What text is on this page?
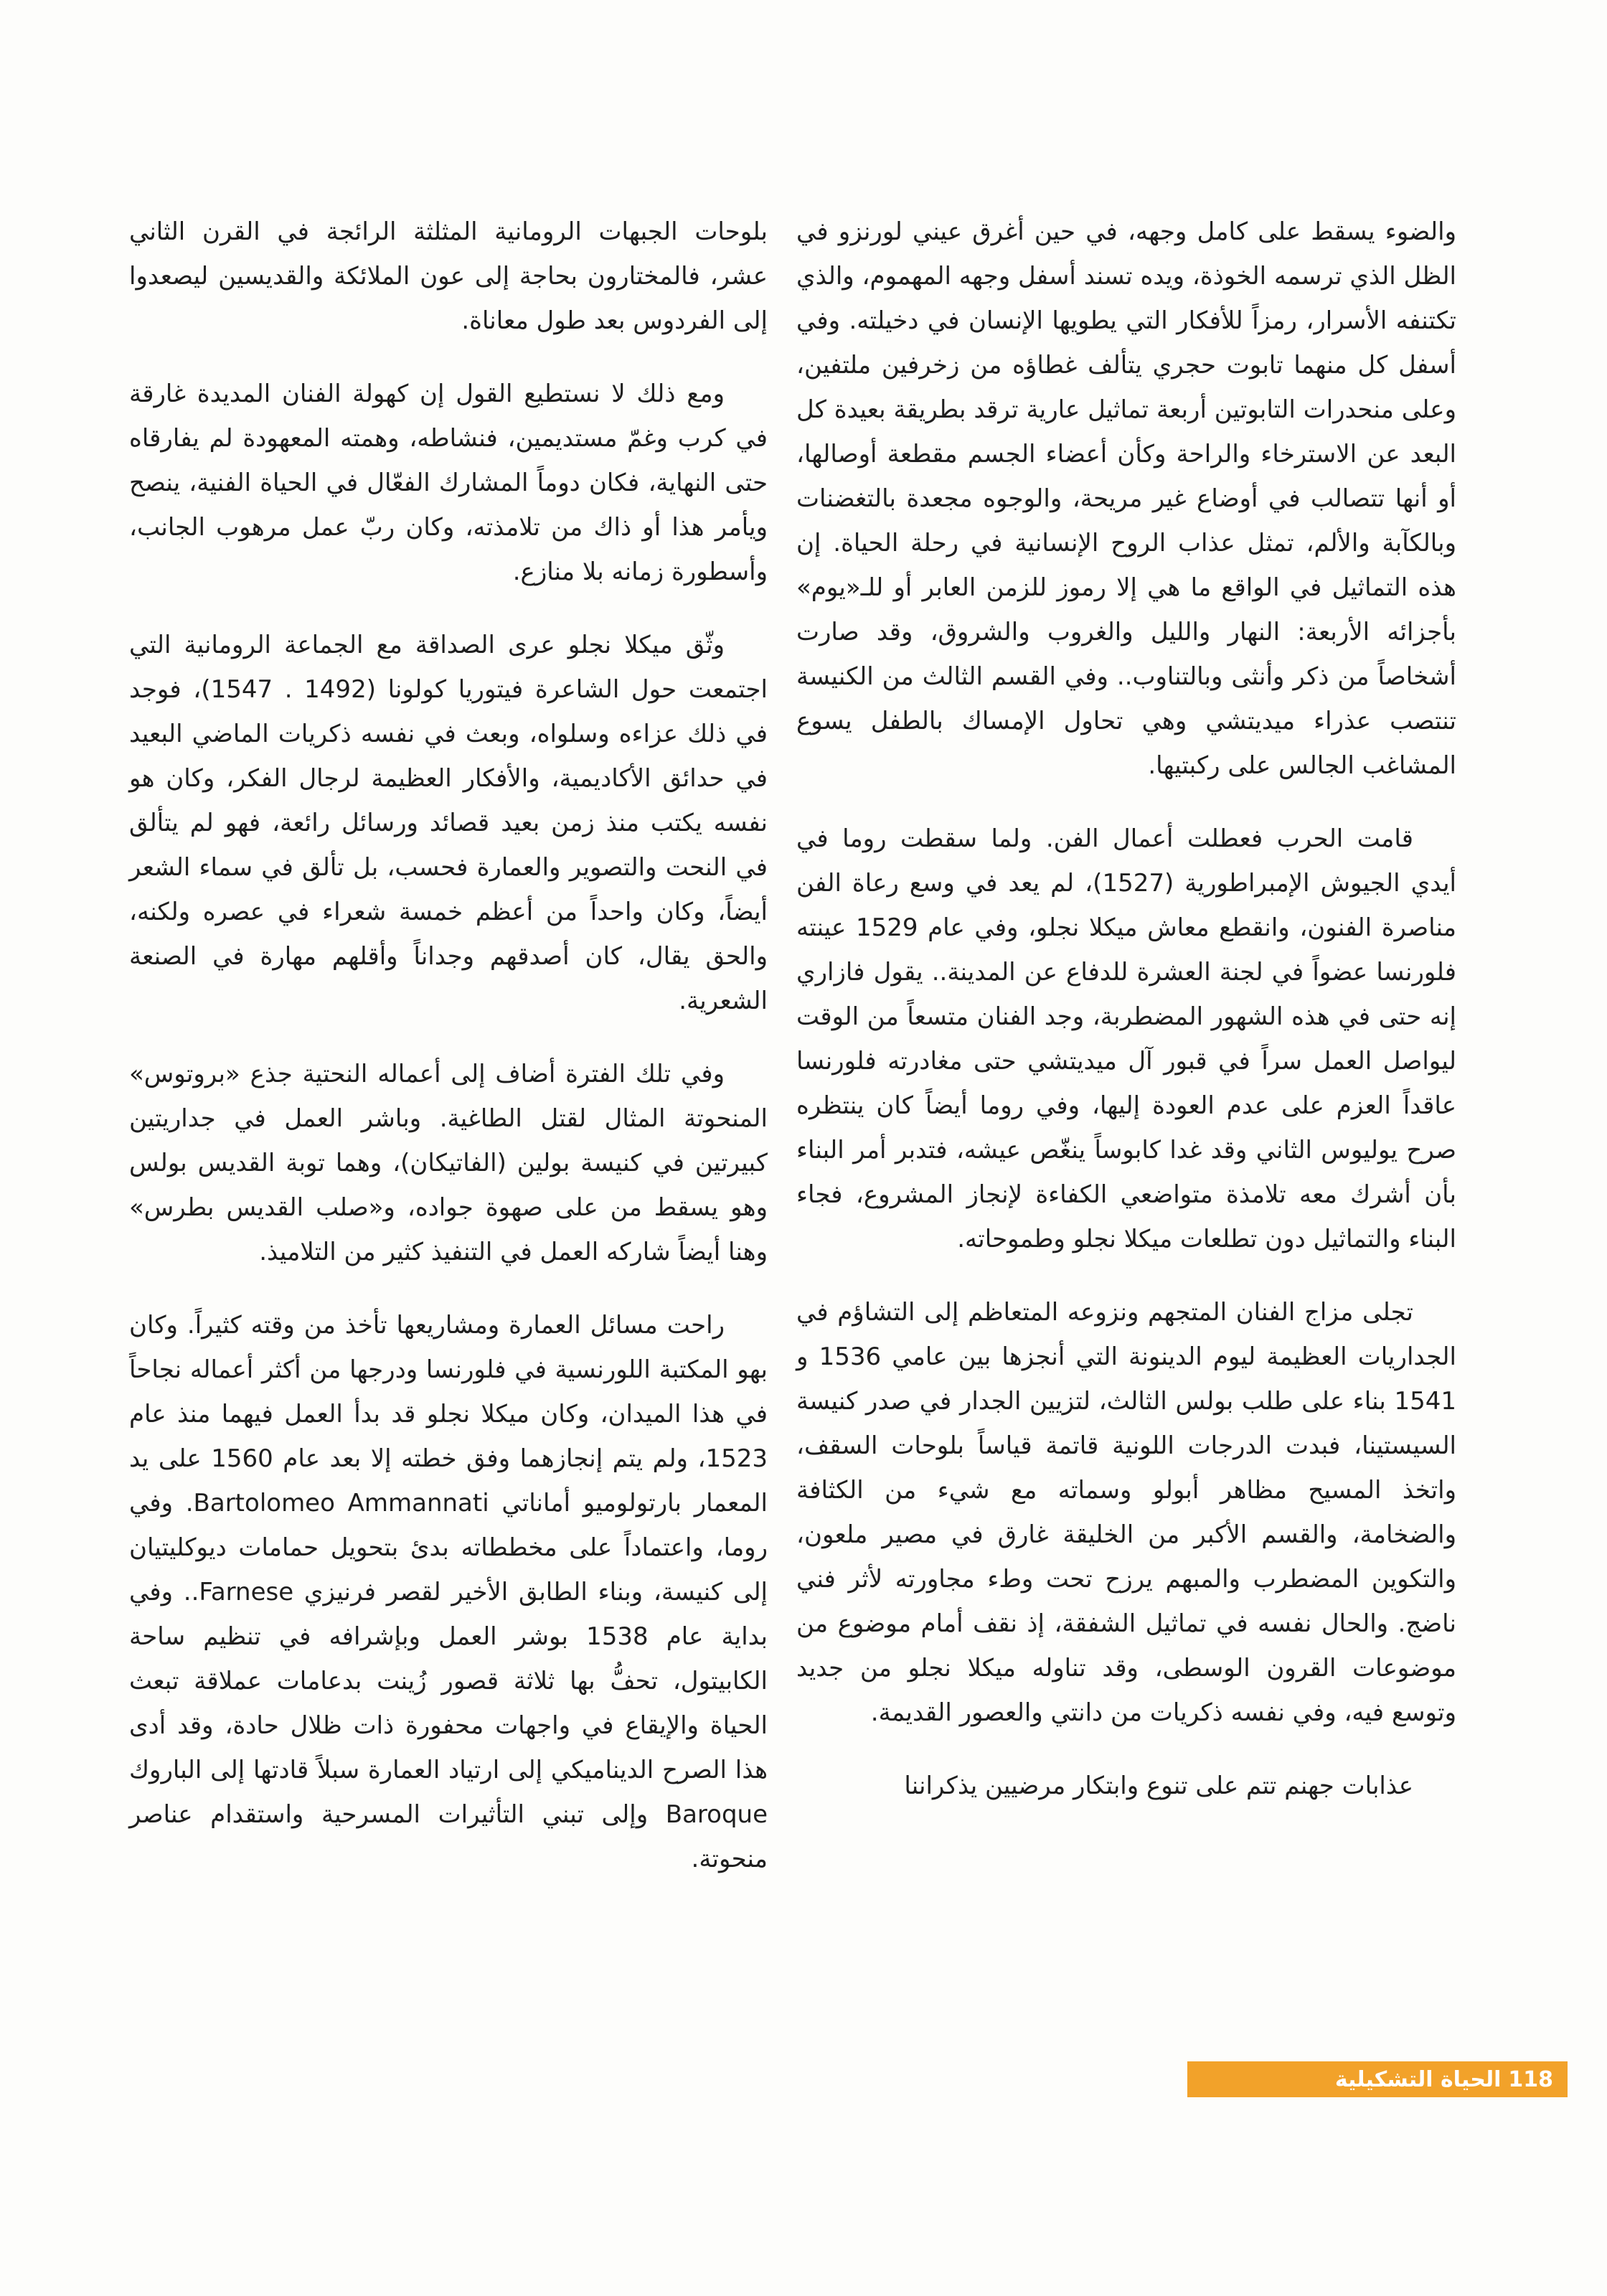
والضوء يسقط على كامل وجهه، في حين أغرق عيني لورنزو في الظل الذي ترسمه الخوذة، ويده تسند أسفل وجهه المهموم، والذي تكتنفه الأسرار، رمزاً للأفكار التي يطويها الإنسان في دخيلته. وفي أسفل كل منهما تابوت حجري يتألف غطاؤه من زخرفين ملتفين، وعلى منحدرات التابوتين أربعة تماثيل عارية ترقد بطريقة بعيدة كل البعد عن الاسترخاء والراحة وكأن أعضاء الجسم مقطعة أوصالها، أو أنها تتصالب في أوضاع غير مريحة، والوجوه مجعدة بالتغضنات وبالكآبة والألم، تمثل عذاب الروح الإنسانية في رحلة الحياة. إن هذه التماثيل في الواقع ما هي إلا رموز للزمن العابر أو للـ«يوم» بأجزائه الأربعة: النهار والليل والغروب والشروق، وقد صارت أشخاصاً من ذكر وأنثى وبالتناوب.. وفي القسم الثالث من الكنيسة تنتصب عذراء ميديتشي وهي تحاول الإمساك بالطفل يسوع المشاغب الجالس على ركبتيها.

قامت الحرب فعطلت أعمال الفن. ولما سقطت روما في أيدي الجيوش الإمبراطورية (1527)، لم يعد في وسع رعاة الفن مناصرة الفنون، وانقطع معاش ميكلا نجلو، وفي عام 1529 عينته فلورنسا عضواً في لجنة العشرة للدفاع عن المدينة.. يقول فازاري إنه حتى في هذه الشهور المضطربة، وجد الفنان متسعاً من الوقت ليواصل العمل سراً في قبور آل ميديتشي حتى مغادرته فلورنسا عاقداً العزم على عدم العودة إليها، وفي روما أيضاً كان ينتظره صرح يوليوس الثاني وقد غدا كابوساً ينغّص عيشه، فتدبر أمر البناء بأن أشرك معه تلامذة متواضعي الكفاءة لإنجاز المشروع، فجاء البناء والتماثيل دون تطلعات ميكلا نجلو وطموحاته.

تجلى مزاج الفنان المتجهم ونزوعه المتعاظم إلى التشاؤم في الجداريات العظيمة ليوم الدينونة التي أنجزها بين عامي 1536 و 1541 بناء على طلب بولس الثالث، لتزيين الجدار في صدر كنيسة السيستينا، فبدت الدرجات اللونية قاتمة قياساً بلوحات السقف، واتخذ المسيح مظاهر أبولو وسماته مع شيء من الكثافة والضخامة، والقسم الأكبر من الخليقة غارق في مصير ملعون، والتكوين المضطرب والمبهم يرزح تحت وطء مجاورته لأثر فني ناضج. والحال نفسه في تماثيل الشفقة، إذ نقف أمام موضوع من موضوعات القرون الوسطى، وقد تناوله ميكلا نجلو من جديد وتوسع فيه، وفي نفسه ذكريات من دانتي والعصور القديمة.

عذابات جهنم تتم على تنوع وابتكار مرضيين يذكراننا

بلوحات الجبهات الرومانية المثلثة الرائجة في القرن الثاني عشر، فالمختارون بحاجة إلى عون الملائكة والقديسين ليصعدوا إلى الفردوس بعد طول معاناة.

ومع ذلك لا نستطيع القول إن كهولة الفنان المديدة غارقة في كرب وغمّ مستديمين، فنشاطه، وهمته المعهودة لم يفارقاه حتى النهاية، فكان دوماً المشارك الفعّال في الحياة الفنية، ينصح ويأمر هذا أو ذاك من تلامذته، وكان ربّ عمل مرهوب الجانب، وأسطورة زمانه بلا منازع.

وثّق ميكلا نجلو عرى الصداقة مع الجماعة الرومانية التي اجتمعت حول الشاعرة فيتوريا كولونا (1492 . 1547)، فوجد في ذلك عزاءه وسلواه، وبعث في نفسه ذكريات الماضي البعيد في حدائق الأكاديمية، والأفكار العظيمة لرجال الفكر، وكان هو نفسه يكتب منذ زمن بعيد قصائد ورسائل رائعة، فهو لم يتألق في النحت والتصوير والعمارة فحسب، بل تألق في سماء الشعر أيضاً، وكان واحداً من أعظم خمسة شعراء في عصره ولكنه، والحق يقال، كان أصدقهم وجداناً وأقلهم مهارة في الصنعة الشعرية.

وفي تلك الفترة أضاف إلى أعماله النحتية جذع «بروتوس» المنحوتة المثال لقتل الطاغية. وباشر العمل في جداريتين كبيرتين في كنيسة بولين (الفاتيكان)، وهما توبة القديس بولس وهو يسقط من على صهوة جواده، و«صلب القديس بطرس» وهنا أيضاً شاركه العمل في التنفيذ كثير من التلاميذ.

راحت مسائل العمارة ومشاريعها تأخذ من وقته كثيراً. وكان بهو المكتبة اللورنسية في فلورنسا ودرجها من أكثر أعماله نجاحاً في هذا الميدان، وكان ميكلا نجلو قد بدأ العمل فيهما منذ عام 1523، ولم يتم إنجازهما وفق خطته إلا بعد عام 1560 على يد المعمار بارتولوميو أماناتي Bartolomeo Ammannati. وفي روما، واعتماداً على مخططاته بدئ بتحويل حمامات ديوكليتيان إلى كنيسة، وبناء الطابق الأخير لقصر فرنيزي Farnese.. وفي بداية عام 1538 بوشر العمل وبإشرافه في تنظيم ساحة الكابيتول، تحفُّ بها ثلاثة قصور زُينت بدعامات عملاقة تبعث الحياة والإيقاع في واجهات محفورة ذات ظلال حادة، وقد أدى هذا الصرح الديناميكي إلى ارتياد العمارة سبلاً قادتها إلى الباروك Baroque وإلى تبني التأثيرات المسرحية واستقدام عناصر منحوتة.

118
الحياة التشكيلية
